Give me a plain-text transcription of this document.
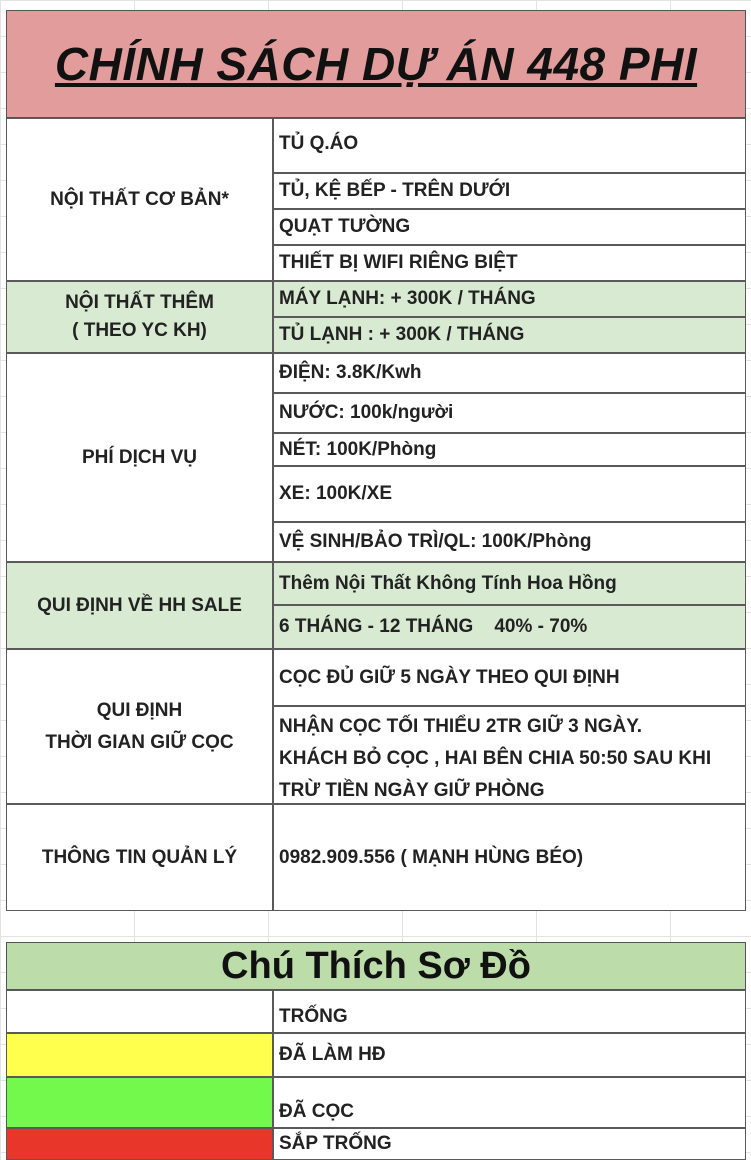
CHÍNH SÁCH DỰ ÁN 448 PHI
NỘI THẤT CƠ BẢN*
TỦ Q.ÁO
TỦ, KỆ BẾP - TRÊN DƯỚI
QUẠT TƯỜNG
THIẾT BỊ WIFI RIÊNG BIỆT
NỘI THẤT THÊM
( THEO YC KH)
MÁY LẠNH: + 300K / THÁNG
TỦ LẠNH : + 300K / THÁNG
PHÍ DỊCH VỤ
ĐIỆN: 3.8K/Kwh
NƯỚC: 100k/người
NÉT: 100K/Phòng
XE: 100K/XE
VỆ SINH/BẢO TRÌ/QL: 100K/Phòng
QUI ĐỊNH VỀ HH SALE
Thêm Nội Thất Không Tính Hoa Hồng
6 THÁNG - 12 THÁNG    40% - 70%
QUI ĐỊNH
THỜI GIAN GIỮ CỌC
CỌC ĐỦ GIỮ 5 NGÀY THEO QUI ĐỊNH
NHẬN CỌC TỐI THIỂU 2TR GIỮ 3 NGÀY.
KHÁCH BỎ CỌC , HAI BÊN CHIA 50:50 SAU KHI
TRỪ TIỀN NGÀY GIỮ PHÒNG
THÔNG TIN QUẢN LÝ	0982.909.556 ( MẠNH HÙNG BÉO)
Chú Thích Sơ Đồ
TRỐNG
ĐÃ LÀM HĐ
ĐÃ CỌC
SẮP TRỐNG
